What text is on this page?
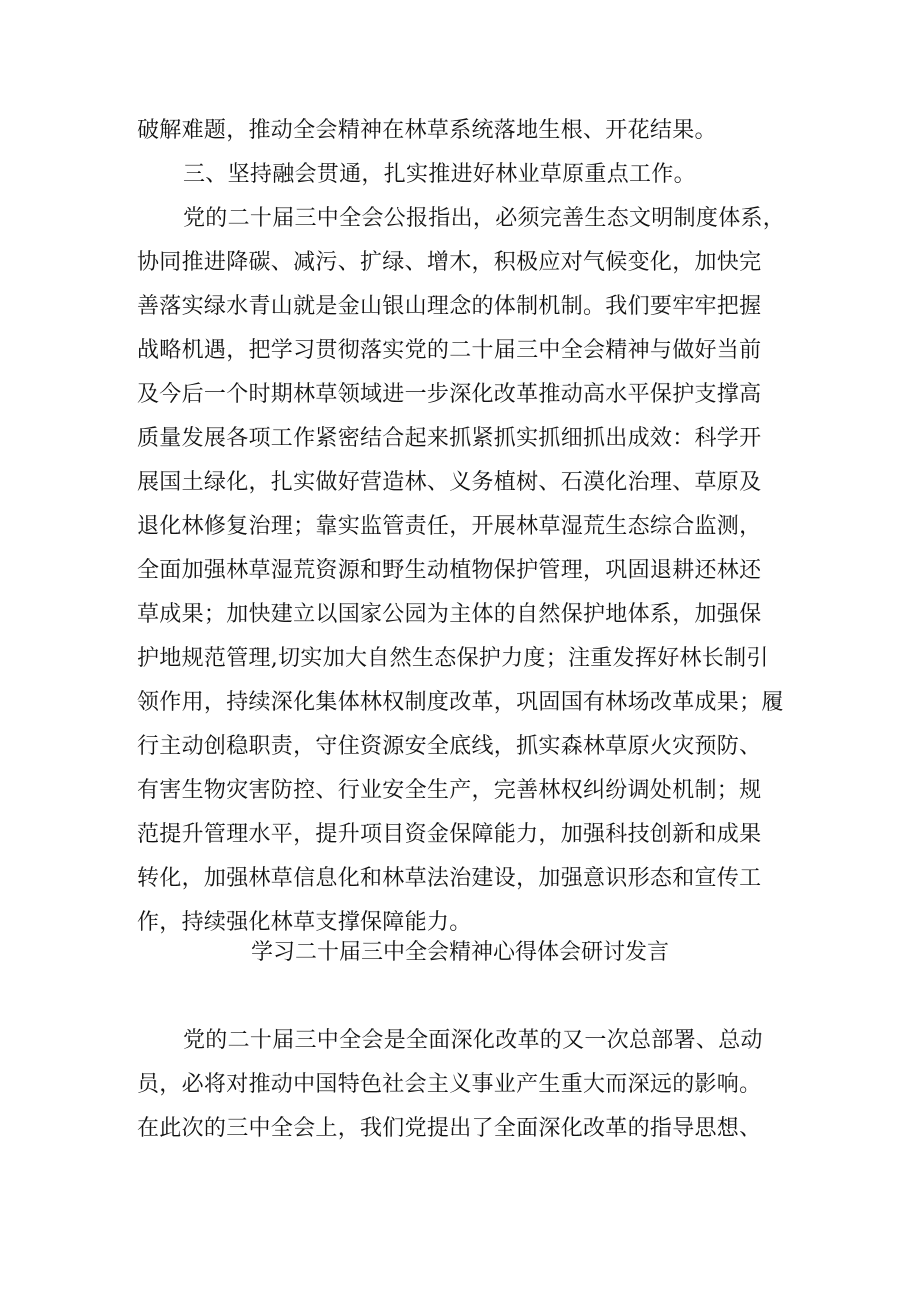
破解难题，推动全会精神在林草系统落地生根、开花结果。

三、坚持融会贯通，扎实推进好林业草原重点工作。

党的二十届三中全会公报指出，必须完善生态文明制度体系，

协同推进降碳、减污、扩绿、增木，积极应对气候变化，加快完

善落实绿水青山就是金山银山理念的体制机制。我们要牢牢把握

战略机遇，把学习贯彻落实党的二十届三中全会精神与做好当前

及今后一个时期林草领域进一步深化改革推动高水平保护支撑高

质量发展各项工作紧密结合起来抓紧抓实抓细抓出成效：科学开

展国土绿化，扎实做好营造林、义务植树、石漠化治理、草原及

退化林修复治理；靠实监管责任，开展林草湿荒生态综合监测，

全面加强林草湿荒资源和野生动植物保护管理，巩固退耕还林还

草成果；加快建立以国家公园为主体的自然保护地体系，加强保

护地规范管理,切实加大自然生态保护力度；注重发挥好林长制引

领作用，持续深化集体林权制度改革，巩固国有林场改革成果；履

行主动创稳职责，守住资源安全底线，抓实森林草原火灾预防、

有害生物灾害防控、行业安全生产，完善林权纠纷调处机制；规

范提升管理水平，提升项目资金保障能力，加强科技创新和成果

转化，加强林草信息化和林草法治建设，加强意识形态和宣传工

作，持续强化林草支撑保障能力。

学习二十届三中全会精神心得体会研讨发言

党的二十届三中全会是全面深化改革的又一次总部署、总动

员，必将对推动中国特色社会主义事业产生重大而深远的影响。

在此次的三中全会上，我们党提出了全面深化改革的指导思想、
